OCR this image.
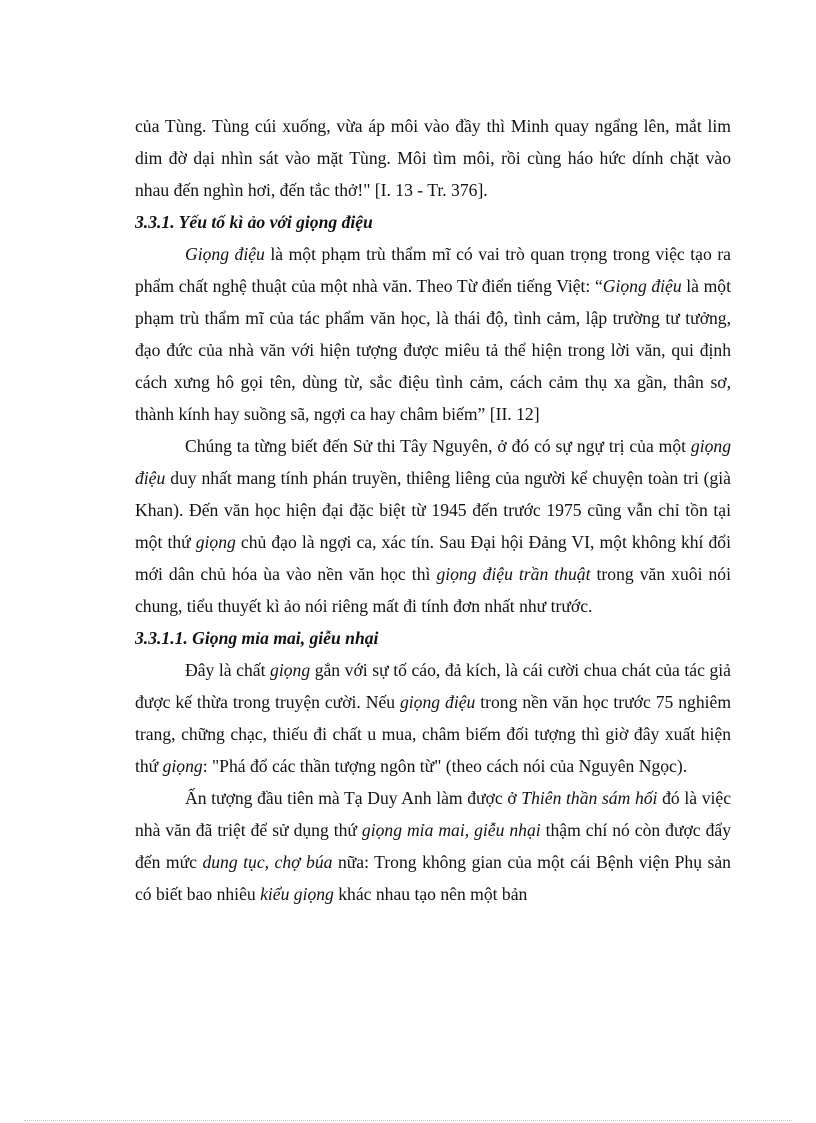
của Tùng. Tùng cúi xuống, vừa áp môi vào đầy thì Minh quay ngẩng lên, mắt lim dim đờ dại nhìn sát vào mặt Tùng. Môi tìm môi, rồi cùng háo hức dính chặt vào nhau đến nghìn hơi, đến tắc thở!" [I. 13 - Tr. 376].

3.3.1. Yếu tố kì ảo với giọng điệu

Giọng điệu là một phạm trù thẩm mĩ có vai trò quan trọng trong việc tạo ra phẩm chất nghệ thuật của một nhà văn. Theo Từ điển tiếng Việt: “Giọng điệu là một phạm trù thẩm mĩ của tác phẩm văn học, là thái độ, tình cảm, lập trường tư tưởng, đạo đức của nhà văn với hiện tượng được miêu tả thể hiện trong lời văn, qui định cách xưng hô gọi tên, dùng từ, sắc điệu tình cảm, cách cảm thụ xa gần, thân sơ, thành kính hay suồng sã, ngợi ca hay châm biếm” [II. 12]

Chúng ta từng biết đến Sử thi Tây Nguyên, ở đó có sự ngự trị của một giọng điệu duy nhất mang tính phán truyền, thiêng liêng của người kể chuyện toàn tri (già Khan). Đến văn học hiện đại đặc biệt từ 1945 đến trước 1975 cũng vẫn chỉ tồn tại một thứ giọng chủ đạo là ngợi ca, xác tín. Sau Đại hội Đảng VI, một không khí đổi mới dân chủ hóa ùa vào nền văn học thì giọng điệu trần thuật trong văn xuôi nói chung, tiểu thuyết kì ảo nói riêng mất đi tính đơn nhất như trước.

3.3.1.1. Giọng mỉa mai, giễu nhại

Đây là chất giọng gắn với sự tố cáo, đả kích, là cái cười chua chát của tác giả được kế thừa trong truyện cười. Nếu giọng điệu trong nền văn học trước 75 nghiêm trang, chững chạc, thiếu đi chất u mua, châm biếm đối tượng thì giờ đây xuất hiện thứ giọng: "Phá đổ các thần tượng ngôn từ" (theo cách nói của Nguyên Ngọc).

Ấn tượng đầu tiên mà Tạ Duy Anh làm được ở Thiên thần sám hối đó là việc nhà văn đã triệt để sử dụng thứ giọng mỉa mai, giễu nhại thậm chí nó còn được đẩy đến mức dung tục, chợ búa nữa: Trong không gian của một cái Bệnh viện Phụ sản có biết bao nhiêu kiểu giọng khác nhau tạo nên một bản
